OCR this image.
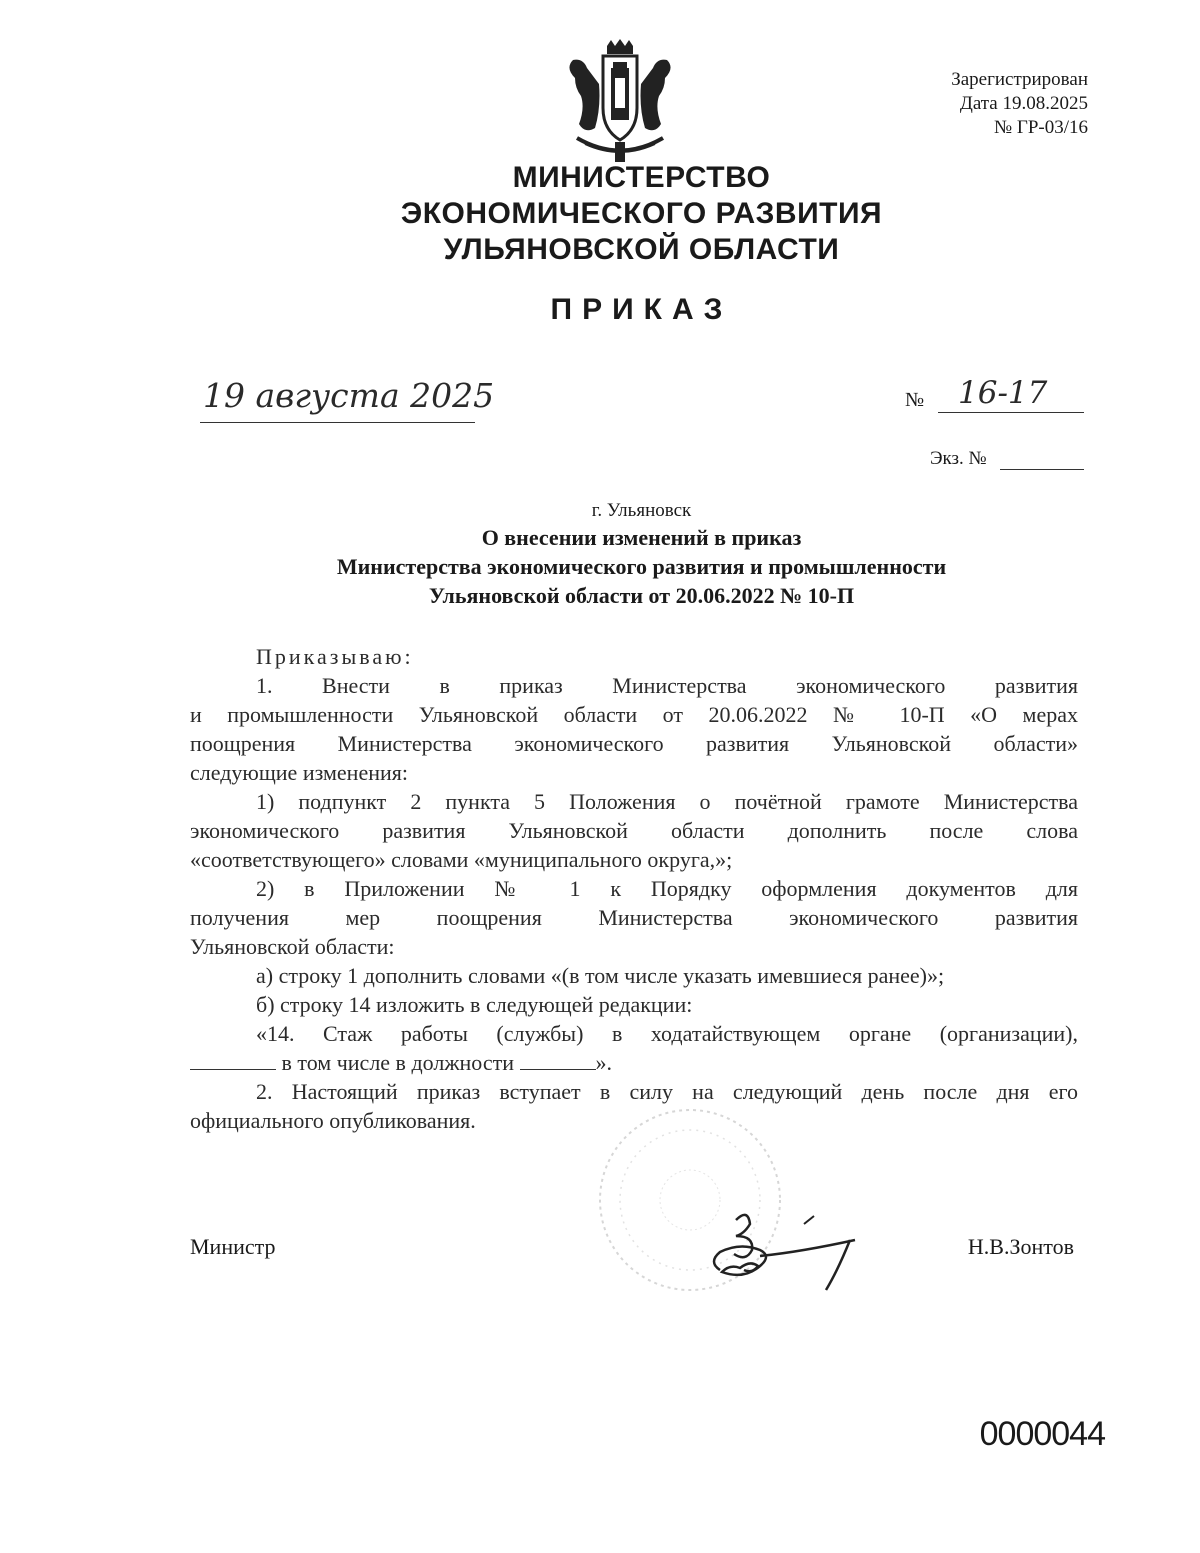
Зарегистрирован
Дата 19.08.2025
№ ГР-03/16
МИНИСТЕРСТВО
ЭКОНОМИЧЕСКОГО РАЗВИТИЯ
УЛЬЯНОВСКОЙ ОБЛАСТИ
ПРИКАЗ
19 августа 2025	№ 16-17
Экз. №
г. Ульяновск
О внесении изменений в приказ
Министерства экономического развития и промышленности
Ульяновской области от 20.06.2022 № 10-П

Приказываю:

1. Внести в приказ Министерства экономического развития

и промышленности Ульяновской области от 20.06.2022 № 10-П «О мерах

поощрения Министерства экономического развития Ульяновской области»

следующие изменения:

1) подпункт 2 пункта 5 Положения о почётной грамоте Министерства

экономического развития Ульяновской области дополнить после слова

«соответствующего» словами «муниципального округа,»;

2) в Приложении № 1 к Порядку оформления документов для

получения мер поощрения Министерства экономического развития

Ульяновской области:

а) строку 1 дополнить словами «(в том числе указать имевшиеся ранее)»;

б) строку 14 изложить в следующей редакции:

«14. Стаж работы (службы) в ходатайствующем органе (организации),

в том числе в должности	».

2. Настоящий приказ вступает в силу на следующий день после дня его

официального опубликования.

Министр	Н.В.Зонтов
0000044
